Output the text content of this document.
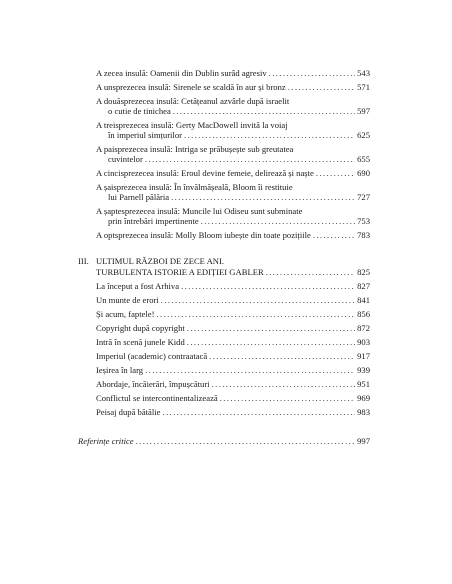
A zecea insulă: Oamenii din Dublin surâd agresiv .....	543
A unsprezecea insulă: Sirenele se scaldă în aur și bronz .....	571
A douăsprezecea insulă: Cetățeanul azvârle după israelit
o cutie de tinichea .....	597
A treisprezecea insulă: Gerty MacDowell invită la voiaj
în imperiul simțurilor .....	625
A paisprezecea insulă: Intriga se prăbușește sub greutatea
cuvintelor .....	655
A cincisprezecea insulă: Eroul devine femeie, delirează și naște .....	690
A șaisprezecea insulă: În învălmășeală, Bloom îi restituie
lui Parnell pălăria .....	727
A șaptesprezecea insulă: Muncile lui Odiseu sunt subminate
prin întrebări impertinente .....	753
A optsprezecea insulă: Molly Bloom iubește din toate pozițiile .....	783
III. ULTIMUL RĂZBOI DE ZECE ANI.
TURBULENTA ISTORIE A EDIȚIEI GABLER .....	825
La început a fost Arhiva .....	827
Un munte de erori .....	841
Și acum, faptele! .....	856
Copyright după copyright .....	872
Intră în scenă junele Kidd .....	903
Imperiul (academic) contraatacă .....	917
Ieșirea în larg .....	939
Abordaje, încăierări, împușcături .....	951
Conflictul se intercontinentalizează .....	969
Peisaj după bătălie .....	983
Referințe critice .....	997
